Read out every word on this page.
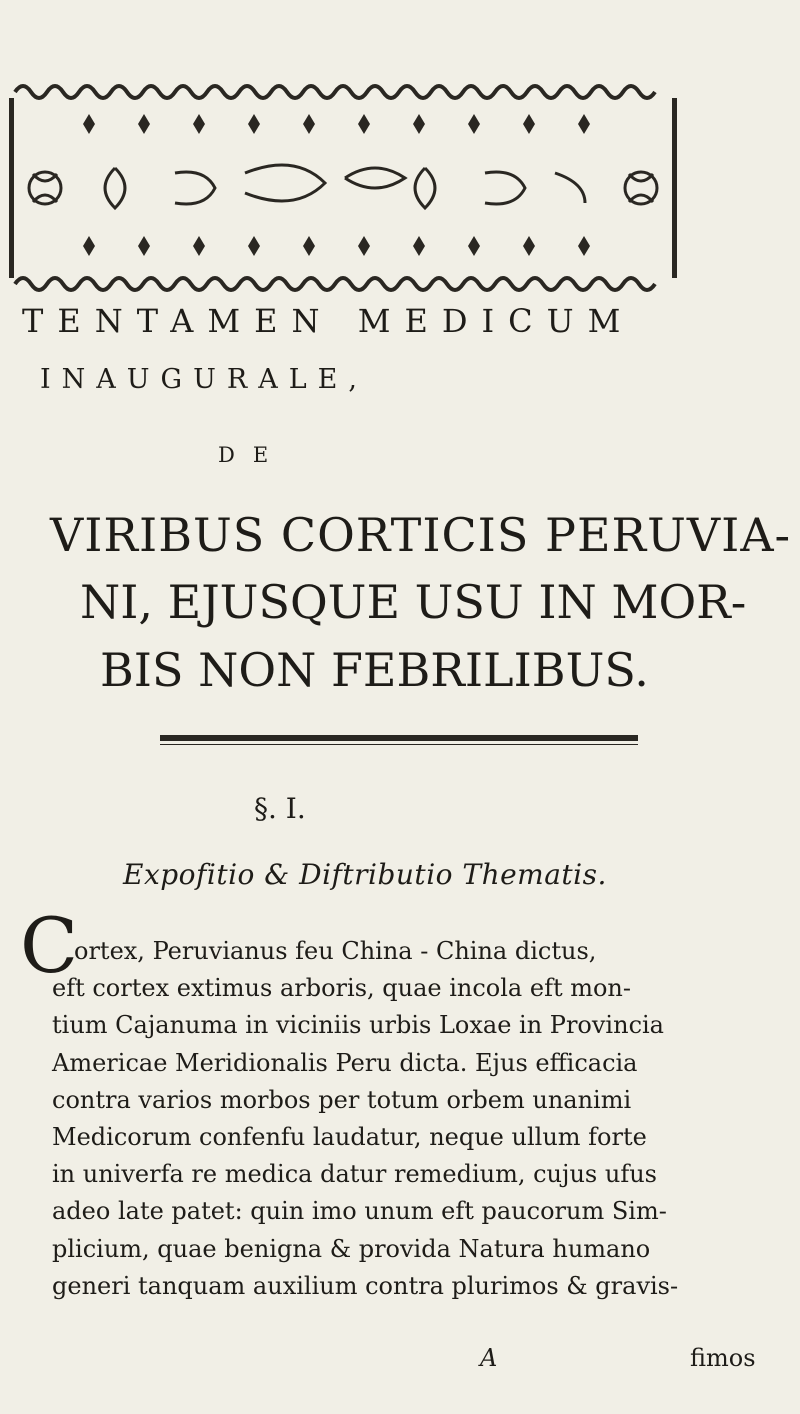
TENTAMEN MEDICUM
INAUGURALE,
DE
VIRIBUS CORTICIS PERUVIA-
NI, EJUSQUE USU IN MOR-
BIS NON FEBRILIBUS.
§. I.
Expofitio & Diftributio Thematis.
C
ortex, Peruvianus feu China - China dictus,
eft cortex extimus arboris, quae incola eft mon-
tium Cajanuma in viciniis urbis Loxae in Provincia
Americae Meridionalis Peru dicta. Ejus efficacia
contra varios morbos per totum orbem unanimi
Medicorum confenfu laudatur, neque ullum forte
in univerfa re medica datur remedium, cujus ufus
adeo late patet: quin imo unum eft paucorum Sim-
plicium, quae benigna & provida Natura humano
generi tanquam auxilium contra plurimos & gravis-
A	fimos
